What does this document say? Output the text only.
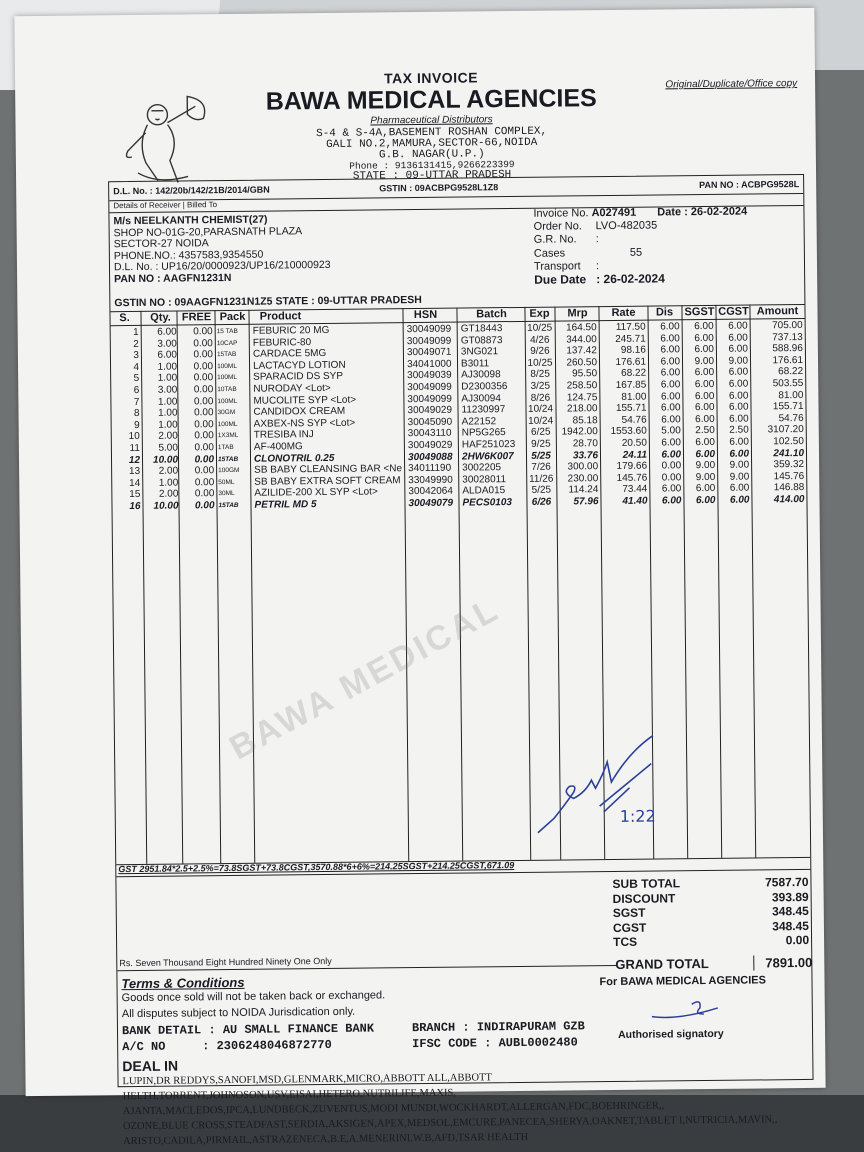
TAX INVOICE	Original/Duplicate/Office copy
BAWA MEDICAL AGENCIES
Pharmaceutical Distributors
S-4 & S-4A,BASEMENT ROSHAN COMPLEX,
GALI NO.2,MAMURA,SECTOR-66,NOIDA
G.B. NAGAR(U.P.)
Phone : 9136131415,9266223399
STATE : 09-UTTAR PRADESH
D.L. No. : 142/20b/142/21B/2014/GBN	GSTIN : 09ACBPG9528L1Z8	PAN NO : ACBPG9528L
Details of Receiver | Billed To
M/s NEELKANTH CHEMIST(27)
SHOP NO-01G-20,PARASNATH PLAZA
SECTOR-27 NOIDA
PHONE.NO.: 4357583,9354550
D.L. No. : UP16/20/0000923/UP16/210000923
PAN NO : AAGFN1231N
Invoice No. A027491 Date : 26-02-2024
Order No. LVO-482035
G.R. No. :
Cases	55
Transport :
Due Date : 26-02-2024
GSTIN NO : 09AAGFN1231N1Z5 STATE : 09-UTTAR PRADESH
S.	Qty. FREE Pack	Product	HSN	Batch	Exp	Mrp	Rate	Dis	SGST CGST Amount
1	6.00	0.00 15 TAB	FEBURIC 20 MG	30049099 GT18443	10/25	164.50	117.50	6.00	6.00	6.00	705.00
2	3.00	0.00 10CAP	FEBURIC-80	30049099 GT08873	4/26	344.00	245.71	6.00	6.00	6.00	737.13
3	6.00	0.00 15TAB	CARDACE 5MG	30049071 3NG021	9/26	137.42	98.16	6.00	6.00	6.00	588.96
4	1.00	0.00 100ML	LACTACYD LOTION	34041000 B3011	10/25	260.50	176.61	6.00	9.00	9.00	176.61
5	1.00	0.00 100ML	SPARACID DS SYP	30049039 AJ30098	8/25	95.50	68.22	6.00	6.00	6.00	68.22
6	3.00	0.00 10TAB	NURODAY <Lot>	30049099 D2300356	3/25	258.50	167.85	6.00	6.00	6.00	503.55
7	1.00	0.00 100ML	MUCOLITE SYP <Lot>	30049099 AJ30094	8/26	124.75	81.00	6.00	6.00	6.00	81.00
8	1.00	0.00 30GM	CANDIDOX CREAM	30049029 11230997	10/24	218.00	155.71	6.00	6.00	6.00	155.71
9	1.00	0.00 100ML	AXBEX-NS SYP <Lot>	30045090 A22152	10/24	85.18	54.76	6.00	6.00	6.00	54.76
10	2.00	0.00 1X3ML	TRESIBA INJ	30043110	NP5G265	6/25	1942.00	1553.60	5.00	2.50	2.50	3107.20
11	5.00	0.00 1TAB	AF-400MG	30049029 HAF251023	9/25	28.70	20.50	6.00	6.00	6.00	102.50
12	10.00	0.00 15TAB	CLONOTRIL 0.25	30049088 2HW6K007	5/25	33.76	24.11	6.00	6.00	6.00	241.10
13	2.00	0.00 100GM	SB BABY CLEANSING BAR <Ne 34011190	3002205	7/26	300.00	179.66	0.00	9.00	9.00	359.32
14	1.00	0.00 50ML	SB BABY EXTRA SOFT CREAM 33049990 30028011	11/26	230.00	145.76	0.00	9.00	9.00	145.76
15	2.00	0.00 30ML	AZILIDE-200 XL SYP <Lot>	30042064 ALDA015	5/25	114.24	73.44	6.00	6.00	6.00	146.88
16	10.00	0.00 15TAB	PETRIL MD 5	30049079 PECS0103	6/26	57.96	41.40	6.00	6.00	6.00	414.00
BAWA MEDICAL
1:22
GST 2951.84*2.5+2.5%=73.8SGST+73.8CGST,3570.88*6+6%=214.25SGST+214.25CGST,671.09
SUB TOTAL	7587.70
DISCOUNT	393.89
SGST	348.45
CGST	348.45
TCS	0.00
GRAND TOTAL	7891.00
Rs. Seven Thousand Eight Hundred Ninety One Only
Terms & Conditions
Goods once sold will not be taken back or exchanged.
All disputes subject to NOIDA Jurisdication only.
For BAWA MEDICAL AGENCIES
Authorised signatory
BANK DETAIL : AU SMALL FINANCE BANK	BRANCH : INDIRAPURAM GZB
A/C NO	: 2306248046872770	IFSC CODE : AUBL0002480
DEAL IN
LUPIN,DR REDDYS,SANOFI,MSD,GLENMARK,MICRO,ABBOTT ALL,ABBOTT HELTH,TORRENT,JOHNOSON,USV,EISAI,HETERO,NUTRILIFE,MAXIS,
AJANTA,MACLEDOS,IPCA,LUNDBECK,ZUVENTUS,MODI MUNDI,WOCKHARDT,ALLERGAN,FDC,BOEHRINGER,,
OZONE,BLUE CROSS,STEADFAST,SERDIA,AKSIGEN,APEX,MEDSOL,EMCURE,PANECEA,SHERYA,OAKNET,TABLET I,NUTRICIA,MAVIN,,
ARISTO,CADILA,PIRMAIL,ASTRAZENECA,B.E,A.MENERINI,W.B,AFD,TSAR HEALTH
